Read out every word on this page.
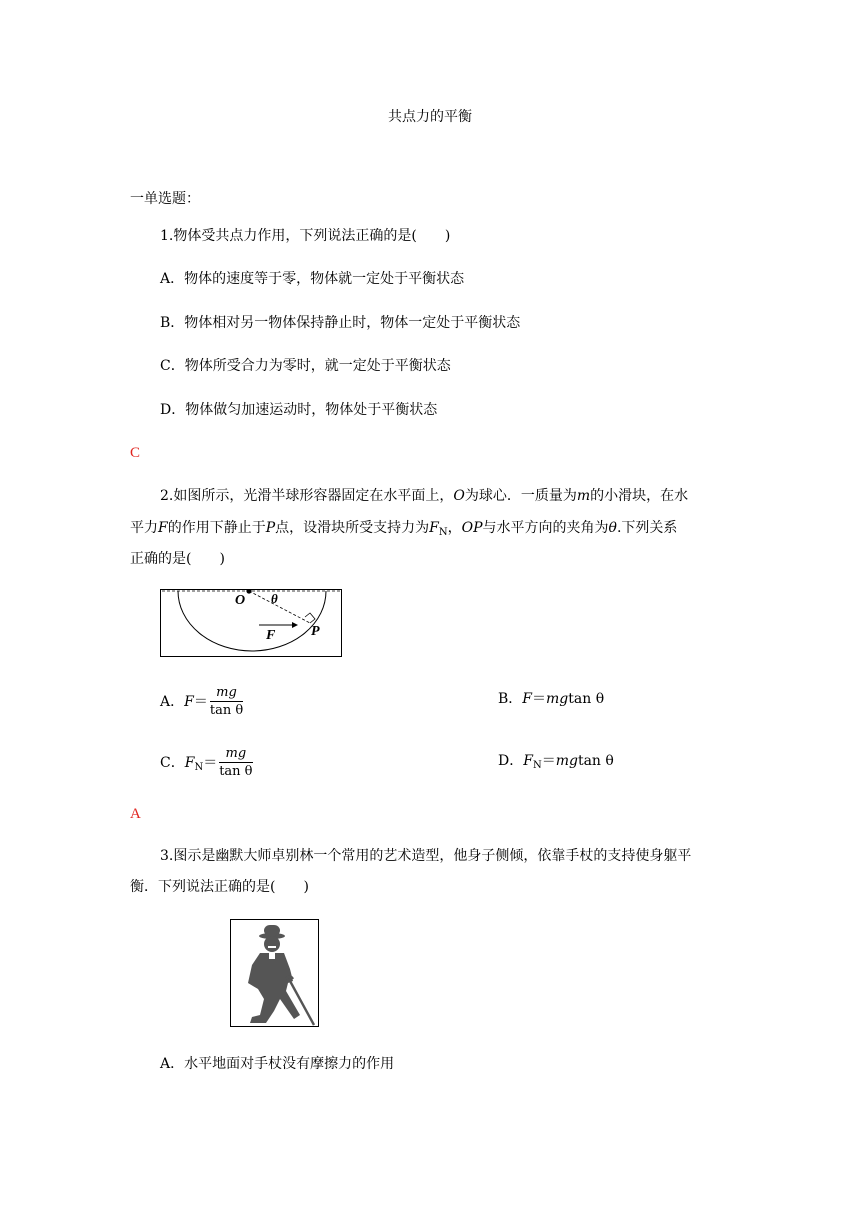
共点力的平衡
一单选题：
1.物体受共点力作用，下列说法正确的是(　　)
A．物体的速度等于零，物体就一定处于平衡状态
B．物体相对另一物体保持静止时，物体一定处于平衡状态
C．物体所受合力为零时，就一定处于平衡状态
D．物体做匀加速运动时，物体处于平衡状态
C
2.如图所示，光滑半球形容器固定在水平面上，O为球心．一质量为m的小滑块，在水
平力F的作用下静止于P点，设滑块所受支持力为$F_N$，OP与水平方向的夹角为θ.下列关系
正确的是(　　)
O θ
F	P
A．$F= \frac{mg}{\text{tan θ}}$	B．F＝mgtan θ
C．$F_N= \frac{mg}{\text{tan θ}}$	D．$F_N=mgtan$ θ
A
3.图示是幽默大师卓别林一个常用的艺术造型，他身子侧倾，依靠手杖的支持使身躯平
衡．下列说法正确的是(　　)
A．水平地面对手杖没有摩擦力的作用
